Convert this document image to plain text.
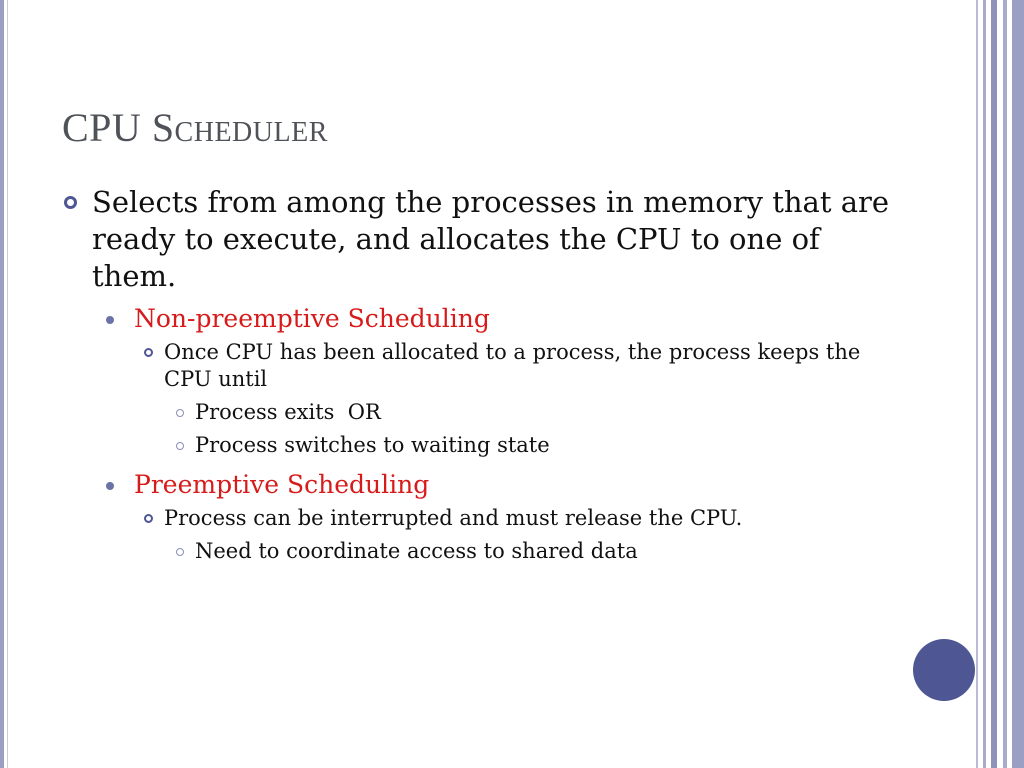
CPU Scheduler
Selects from among the processes in memory that are ready to execute, and allocates the CPU to one of them.
Non-preemptive Scheduling
Once CPU has been allocated to a process, the process keeps the CPU until
Process exits  OR
Process switches to waiting state
Preemptive Scheduling
Process can be interrupted and must release the CPU.
Need to coordinate access to shared data
